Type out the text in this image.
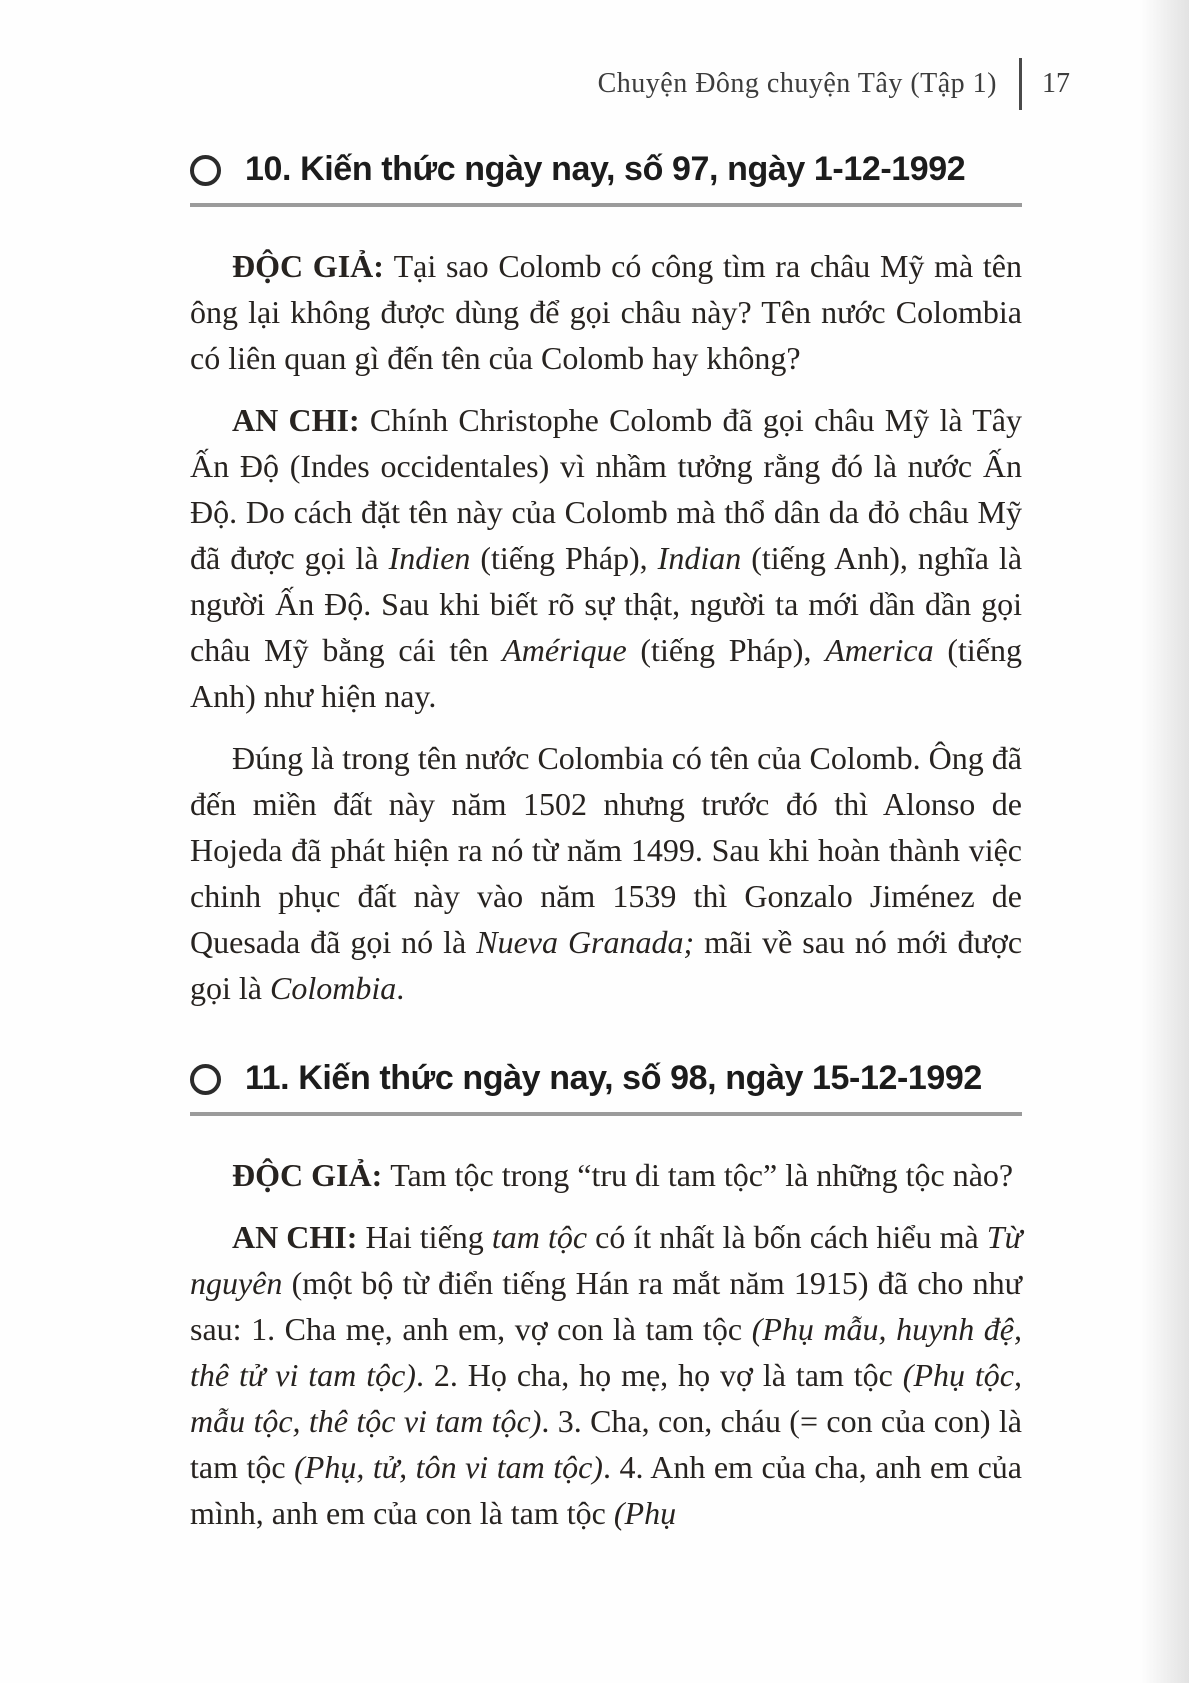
Chuyện Đông chuyện Tây (Tập 1) 17
10. Kiến thức ngày nay, số 97, ngày 1-12-1992

ĐỘC GIẢ: Tại sao Colomb có công tìm ra châu Mỹ mà tên ông lại không được dùng để gọi châu này? Tên nước Colombia có liên quan gì đến tên của Colomb hay không?

AN CHI: Chính Christophe Colomb đã gọi châu Mỹ là Tây Ấn Độ (Indes occidentales) vì nhầm tưởng rằng đó là nước Ấn Độ. Do cách đặt tên này của Colomb mà thổ dân da đỏ châu Mỹ đã được gọi là Indien (tiếng Pháp), Indian (tiếng Anh), nghĩa là người Ấn Độ. Sau khi biết rõ sự thật, người ta mới dần dần gọi châu Mỹ bằng cái tên Amérique (tiếng Pháp), America (tiếng Anh) như hiện nay.

Đúng là trong tên nước Colombia có tên của Colomb. Ông đã đến miền đất này năm 1502 nhưng trước đó thì Alonso de Hojeda đã phát hiện ra nó từ năm 1499. Sau khi hoàn thành việc chinh phục đất này vào năm 1539 thì Gonzalo Jiménez de Quesada đã gọi nó là Nueva Granada; mãi về sau nó mới được gọi là Colombia.

11. Kiến thức ngày nay, số 98, ngày 15-12-1992

ĐỘC GIẢ: Tam tộc trong “tru di tam tộc” là những tộc nào?

AN CHI: Hai tiếng tam tộc có ít nhất là bốn cách hiểu mà Từ nguyên (một bộ từ điển tiếng Hán ra mắt năm 1915) đã cho như sau: 1. Cha mẹ, anh em, vợ con là tam tộc (Phụ mẫu, huynh đệ, thê tử vi tam tộc). 2. Họ cha, họ mẹ, họ vợ là tam tộc (Phụ tộc, mẫu tộc, thê tộc vi tam tộc). 3. Cha, con, cháu (= con của con) là tam tộc (Phụ, tử, tôn vi tam tộc). 4. Anh em của cha, anh em của mình, anh em của con là tam tộc (Phụ
